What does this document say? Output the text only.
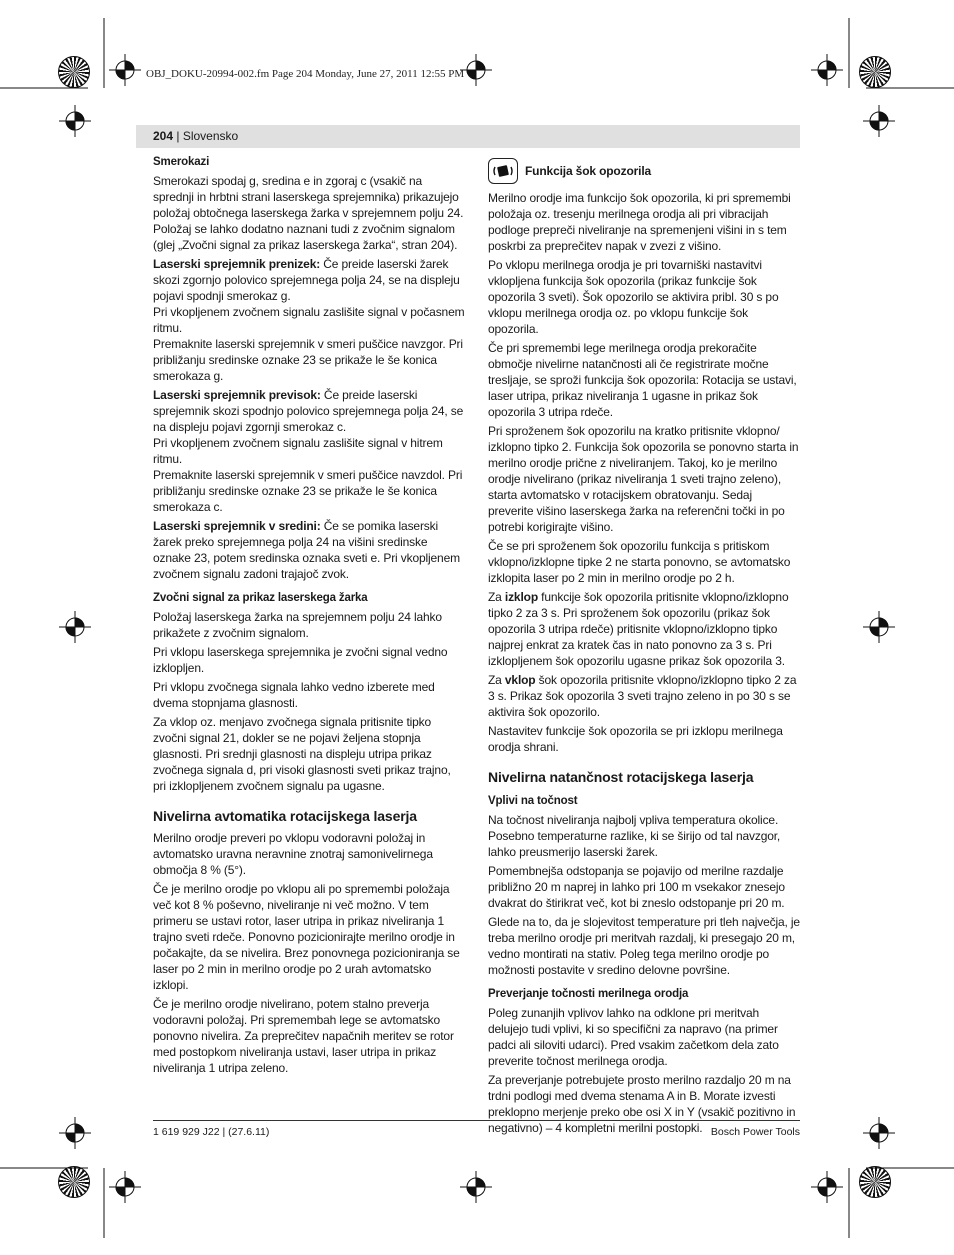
OBJ_DOKU-20994-002.fm Page 204 Monday, June 27, 2011 12:55 PM
204 | Slovensko
Smerokazi
Smerokazi spodaj g, sredina e in zgoraj c (vsakič na sprednji in hrbtni strani laserskega sprejemnika) prikazujejo položaj obtočnega laserskega žarka v sprejemnem polju 24. Položaj se lahko dodatno naznani tudi z zvočnim signalom (glej „Zvočni signal za prikaz laserskega žarka“, stran 204).
Laserski sprejemnik prenizek: Če preide laserski žarek skozi zgornjo polovico sprejemnega polja 24, se na displeju pojavi spodnji smerokaz g.
Pri vkopljenem zvočnem signalu zaslišite signal v počasnem ritmu.
Premaknite laserski sprejemnik v smeri puščice navzgor. Pri približanju sredinske oznake 23 se prikaže le še konica smerokaza g.
Laserski sprejemnik previsok: Če preide laserski sprejemnik skozi spodnjo polovico sprejemnega polja 24, se na displeju pojavi zgornji smerokaz c.
Pri vkopljenem zvočnem signalu zaslišite signal v hitrem ritmu.
Premaknite laserski sprejemnik v smeri puščice navzdol. Pri približanju sredinske oznake 23 se prikaže le še konica smerokaza c.
Laserski sprejemnik v sredini: Če se pomika laserski žarek preko sprejemnega polja 24 na višini sredinske oznake 23, potem sredinska oznaka sveti e. Pri vkopljenem zvočnem signalu zadoni trajajoč zvok.
Zvočni signal za prikaz laserskega žarka
Položaj laserskega žarka na sprejemnem polju 24 lahko prikažete z zvočnim signalom.
Pri vklopu laserskega sprejemnika je zvočni signal vedno izklopljen.
Pri vklopu zvočnega signala lahko vedno izberete med dvema stopnjama glasnosti.
Za vklop oz. menjavo zvočnega signala pritisnite tipko zvočni signal 21, dokler se ne pojavi željena stopnja glasnosti. Pri srednji glasnosti na displeju utripa prikaz zvočnega signala d, pri visoki glasnosti sveti prikaz trajno, pri izklopljenem zvočnem signalu pa ugasne.
Nivelirna avtomatika rotacijskega laserja
Merilno orodje preveri po vklopu vodoravni položaj in avtomatsko uravna neravnine znotraj samonivelirnega območja 8 % (5°).
Če je merilno orodje po vklopu ali po spremembi položaja več kot 8 % poševno, niveliranje ni več možno. V tem primeru se ustavi rotor, laser utripa in prikaz niveliranja 1 trajno sveti rdeče. Ponovno pozicionirajte merilno orodje in počakajte, da se nivelira. Brez ponovnega pozicioniranja se laser po 2 min in merilno orodje po 2 urah avtomatsko izklopi.
Če je merilno orodje nivelirano, potem stalno preverja vodoravni položaj. Pri spremembah lege se avtomatsko ponovno nivelira. Za preprečitev napačnih meritev se rotor med postopkom niveliranja ustavi, laser utripa in prikaz niveliranja 1 utripa zeleno.
Funkcija šok opozorila
Merilno orodje ima funkcijo šok opozorila, ki pri spremembi položaja oz. tresenju merilnega orodja ali pri vibracijah podloge prepreči niveliranje na spremenjeni višini in s tem poskrbi za preprečitev napak v zvezi z višino.
Po vklopu merilnega orodja je pri tovarniški nastavitvi vklopljena funkcija šok opozorila (prikaz funkcije šok opozorila 3 sveti). Šok opozorilo se aktivira pribl. 30 s po vklopu merilnega orodja oz. po vklopu funkcije šok opozorila.
Če pri spremembi lege merilnega orodja prekoračite območje nivelirne natančnosti ali če registrirate močne tresljaje, se sproži funkcija šok opozorila: Rotacija se ustavi, laser utripa, prikaz niveliranja 1 ugasne in prikaz šok opozorila 3 utripa rdeče.
Pri sproženem šok opozorilu na kratko pritisnite vklopno/ izklopno tipko 2. Funkcija šok opozorila se ponovno starta in merilno orodje prične z niveliranjem. Takoj, ko je merilno orodje nivelirano (prikaz niveliranja 1 sveti trajno zeleno), starta avtomatsko v rotacijskem obratovanju. Sedaj preverite višino laserskega žarka na referenčni točki in po potrebi korigirajte višino.
Če se pri sproženem šok opozorilu funkcija s pritiskom vklopno/izklopne tipke 2 ne starta ponovno, se avtomatsko izklopita laser po 2 min in merilno orodje po 2 h.
Za izklop funkcije šok opozorila pritisnite vklopno/izklopno tipko 2 za 3 s. Pri sproženem šok opozorilu (prikaz šok opozorila 3 utripa rdeče) pritisnite vklopno/izklopno tipko najprej enkrat za kratek čas in nato ponovno za 3 s. Pri izklopljenem šok opozorilu ugasne prikaz šok opozorila 3.
Za vklop šok opozorila pritisnite vklopno/izklopno tipko 2 za 3 s. Prikaz šok opozorila 3 sveti trajno zeleno in po 30 s se aktivira šok opozorilo.
Nastavitev funkcije šok opozorila se pri izklopu merilnega orodja shrani.
Nivelirna natančnost rotacijskega laserja
Vplivi na točnost
Na točnost niveliranja najbolj vpliva temperatura okolice. Posebno temperaturne razlike, ki se širijo od tal navzgor, lahko preusmerijo laserski žarek.
Pomembnejša odstopanja se pojavijo od merilne razdalje približno 20 m naprej in lahko pri 100 m vsekakor znesejo dvakrat do štirikrat več, kot bi zneslo odstopanje pri 20 m.
Glede na to, da je slojevitost temperature pri tleh največja, je treba merilno orodje pri meritvah razdalj, ki presegajo 20 m, vedno montirati na stativ. Poleg tega merilno orodje po možnosti postavite v sredino delovne površine.
Preverjanje točnosti merilnega orodja
Poleg zunanjih vplivov lahko na odklone pri meritvah delujejo tudi vplivi, ki so specifični za napravo (na primer padci ali siloviti udarci). Pred vsakim začetkom dela zato preverite točnost merilnega orodja.
Za preverjanje potrebujete prosto merilno razdaljo 20 m na trdni podlogi med dvema stenama A in B. Morate izvesti preklopno merjenje preko obe osi X in Y (vsakič pozitivno in negativno) – 4 kompletni merilni postopki.
1 619 929 J22 | (27.6.11)	Bosch Power Tools
